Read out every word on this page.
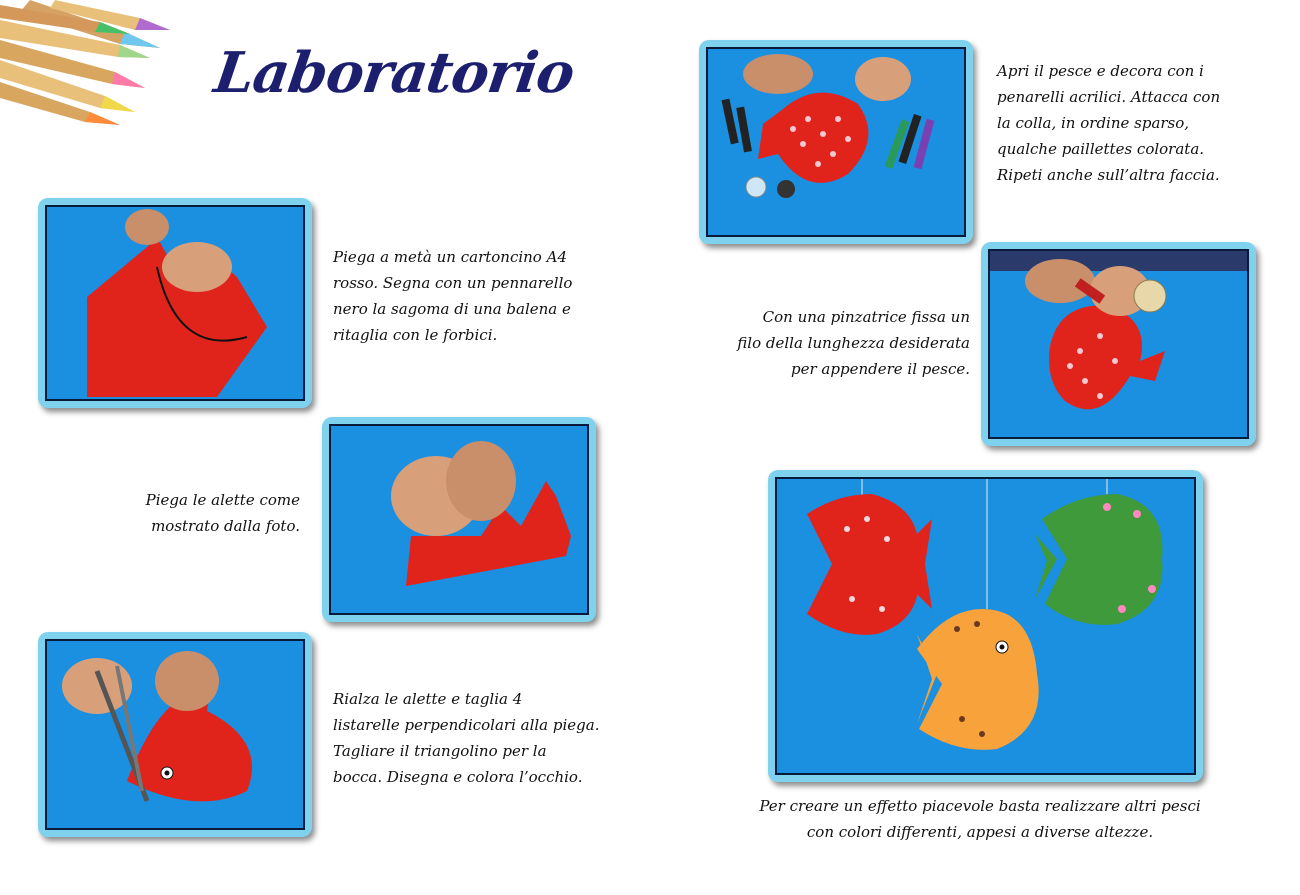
Laboratorio
Piega a metà un cartoncino A4
rosso. Segna con un pennarello
nero la sagoma di una balena e
ritaglia con le forbici.
Piega le alette come
mostrato dalla foto.
Rialza le alette e taglia 4
listarelle perpendicolari alla piega.
Tagliare il triangolino per la
bocca. Disegna e colora l’occhio.
Apri il pesce e decora con i
penarelli acrilici. Attacca con
la colla, in ordine sparso,
qualche paillettes colorata.
Ripeti anche sull’altra faccia.
Con una pinzatrice fissa un
filo della lunghezza desiderata
per appendere il pesce.
Per creare un effetto piacevole basta realizzare altri pesci
con colori differenti, appesi a diverse altezze.
